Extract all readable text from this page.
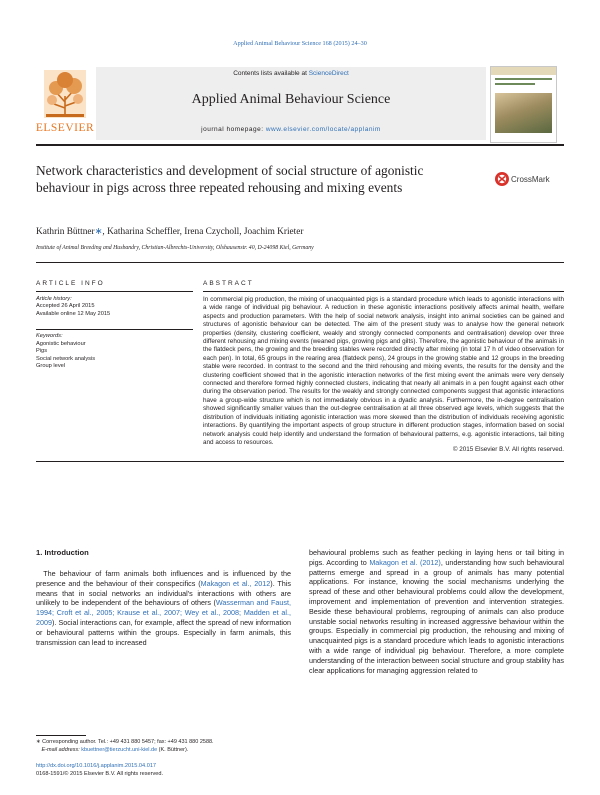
Applied Animal Behaviour Science 168 (2015) 24–30
ELSEVIER
Contents lists available at ScienceDirect
Applied Animal Behaviour Science
journal homepage: www.elsevier.com/locate/applanim
Network characteristics and development of social structure of agonistic behaviour in pigs across three repeated rehousing and mixing events
CrossMark
Kathrin Büttner∗, Katharina Scheffler, Irena Czycholl, Joachim Krieter
Institute of Animal Breeding and Husbandry, Christian-Albrechts-University, Olshausenstr. 40, D-24098 Kiel, Germany
ARTICLE INFO	ABSTRACT
Article history:
Accepted 26 April 2015
Available online 12 May 2015
Keywords:
Agonistic behaviour
Pigs
Social network analysis
Group level
In commercial pig production, the mixing of unacquainted pigs is a standard procedure which leads to agonistic interactions with a wide range of individual pig behaviour. A reduction in these agonistic interactions positively affects animal health, welfare aspects and production parameters. With the help of social network analysis, insight into animal societies can be gained and structures of agonistic behaviour can be detected. The aim of the present study was to analyse how the general network properties (density, clustering coefficient, weakly and strongly connected components and centralisation) develop over three different rehousing and mixing events (weaned pigs, growing pigs and gilts). Therefore, the agonistic behaviour of the animals in the flatdeck pens, the growing and the breeding stables were recorded directly after mixing (in total 17 h of video observation for each pen). In total, 65 groups in the rearing area (flatdeck pens), 24 groups in the growing stable and 12 groups in the breeding stable were recorded. In contrast to the second and the third rehousing and mixing events, the results for the density and the clustering coefficient showed that in the agonistic interaction networks of the first mixing event the animals were very densely connected and therefore formed highly connected clusters, indicating that nearly all animals in a pen fought against each other during the observation period. The results for the weakly and strongly connected components suggest that agonistic interactions have a group-wide structure which is not immediately obvious in a dyadic analysis. Furthermore, the in-degree centralisation showed significantly smaller values than the out-degree centralisation at all three observed age levels, which suggests that the distribution of individuals initiating agonistic interaction was more skewed than the distribution of individuals receiving agonistic interactions. By quantifying the important aspects of group structure in different production stages, information based on social network analysis could help identify and understand the formation of behavioural patterns, e.g. agonistic interactions, tail biting and access to resources.
© 2015 Elsevier B.V. All rights reserved.
1. Introduction

 The behaviour of farm animals both influences and is influenced by the presence and the behaviour of their conspecifics (Makagon et al., 2012). This means that in social networks an individual's interactions with others are unlikely to be independent of the behaviours of others (Wasserman and Faust, 1994; Croft et al., 2005; Krause et al., 2007; Wey et al., 2008; Madden et al., 2009). Social interactions can, for example, affect the spread of new information or behavioural patterns within the groups. Especially in farm animals, this transmission can lead to increased

behavioural problems such as feather pecking in laying hens or tail biting in pigs. According to Makagon et al. (2012), understanding how such behavioural patterns emerge and spread in a group of animals has many potential applications. For instance, knowing the social mechanisms underlying the spread of these and other behavioural problems could allow the development, improvement and implementation of prevention and intervention strategies. Beside these behavioural problems, regrouping of animals can also produce unstable social networks resulting in increased aggressive behaviour within the groups. Especially in commercial pig production, the rehousing and mixing of unacquainted pigs is a standard procedure which leads to agonistic interactions with a wide range of individual pig behaviour. Therefore, a more complete understanding of the interaction between social structure and group stability has clear applications for managing aggression related to

∗ Corresponding author. Tel.: +49 431 880 5457; fax: +49 431 880 2588.
 E-mail address: kbuettner@tierzucht.uni-kiel.de (K. Büttner).
http://dx.doi.org/10.1016/j.applanim.2015.04.017
0168-1591/© 2015 Elsevier B.V. All rights reserved.
